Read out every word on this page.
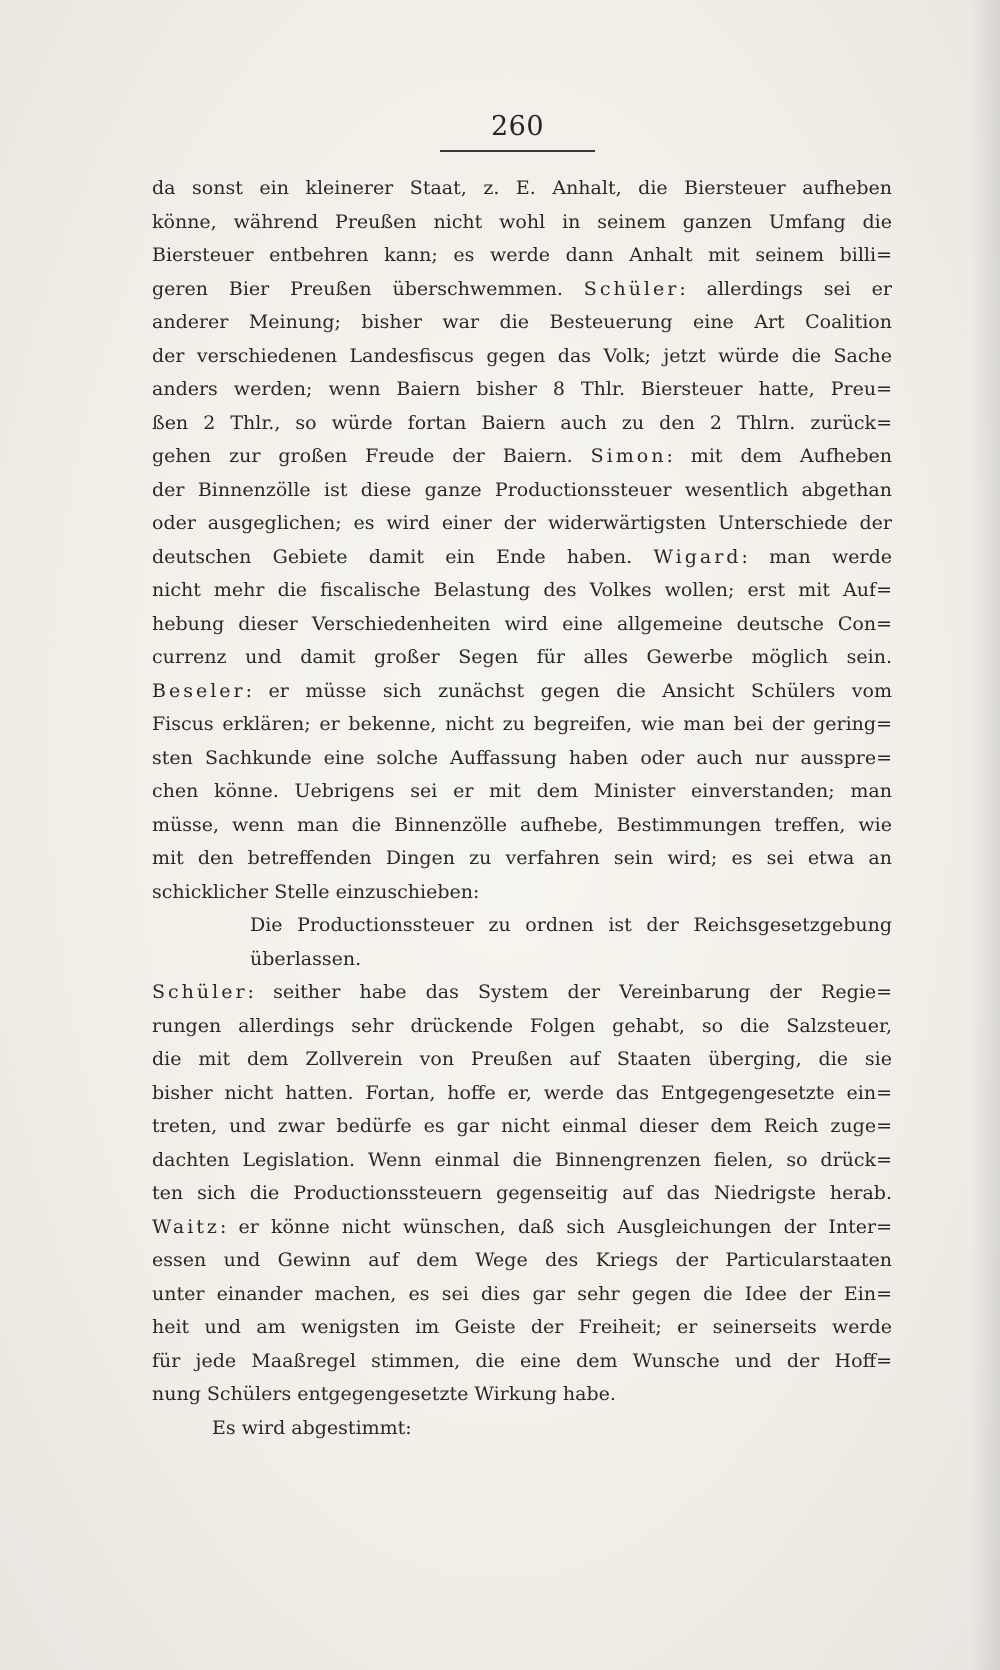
260
da sonst ein kleinerer Staat, z. E. Anhalt, die Biersteuer aufheben
könne, während Preußen nicht wohl in seinem ganzen Umfang die
Biersteuer entbehren kann; es werde dann Anhalt mit seinem billi=
geren Bier Preußen überschwemmen. Schüler: allerdings sei er
anderer Meinung; bisher war die Besteuerung eine Art Coalition
der verschiedenen Landesfiscus gegen das Volk; jetzt würde die Sache
anders werden; wenn Baiern bisher 8 Thlr. Biersteuer hatte, Preu=
ßen 2 Thlr., so würde fortan Baiern auch zu den 2 Thlrn. zurück=
gehen zur großen Freude der Baiern. Simon: mit dem Aufheben
der Binnenzölle ist diese ganze Productionssteuer wesentlich abgethan
oder ausgeglichen; es wird einer der widerwärtigsten Unterschiede der
deutschen Gebiete damit ein Ende haben. Wigard: man werde
nicht mehr die fiscalische Belastung des Volkes wollen; erst mit Auf=
hebung dieser Verschiedenheiten wird eine allgemeine deutsche Con=
currenz und damit großer Segen für alles Gewerbe möglich sein.
Beseler: er müsse sich zunächst gegen die Ansicht Schülers vom
Fiscus erklären; er bekenne, nicht zu begreifen, wie man bei der gering=
sten Sachkunde eine solche Auffassung haben oder auch nur ausspre=
chen könne. Uebrigens sei er mit dem Minister einverstanden; man
müsse, wenn man die Binnenzölle aufhebe, Bestimmungen treffen, wie
mit den betreffenden Dingen zu verfahren sein wird; es sei etwa an
schicklicher Stelle einzuschieben:
Die Productionssteuer zu ordnen ist der Reichsgesetzgebung
überlassen.
Schüler: seither habe das System der Vereinbarung der Regie=
rungen allerdings sehr drückende Folgen gehabt, so die Salzsteuer,
die mit dem Zollverein von Preußen auf Staaten überging, die sie
bisher nicht hatten. Fortan, hoffe er, werde das Entgegengesetzte ein=
treten, und zwar bedürfe es gar nicht einmal dieser dem Reich zuge=
dachten Legislation. Wenn einmal die Binnengrenzen fielen, so drück=
ten sich die Productionssteuern gegenseitig auf das Niedrigste herab.
Waitz: er könne nicht wünschen, daß sich Ausgleichungen der Inter=
essen und Gewinn auf dem Wege des Kriegs der Particularstaaten
unter einander machen, es sei dies gar sehr gegen die Idee der Ein=
heit und am wenigsten im Geiste der Freiheit; er seinerseits werde
für jede Maaßregel stimmen, die eine dem Wunsche und der Hoff=
nung Schülers entgegengesetzte Wirkung habe.
Es wird abgestimmt:
